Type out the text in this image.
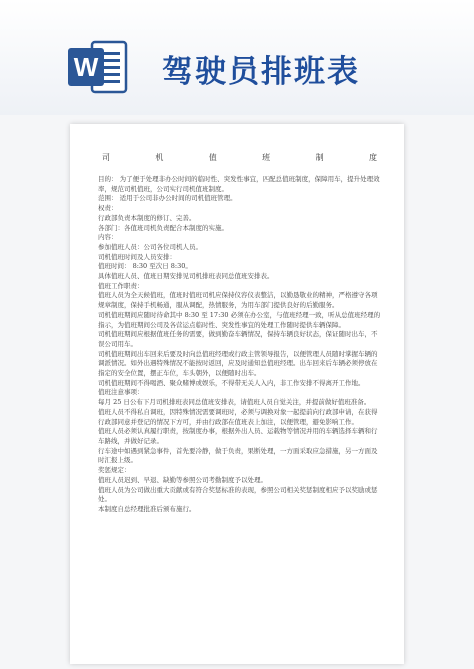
W 驾驶员排班表
司	机	值	班	制	度

目的： 为了便于处理非办公时间的临时性、突发性事宜，匹配总值班制度，保障用车，提升处理效率，规范司机值班，公司实行司机值班制度。

范围： 适用于公司非办公时间的司机值班管理。

权责：

行政部负责本制度的修订、完善。

各部门：各值班司机负责配合本制度的实施。

内容：

参加值班人员：公司各位司机人员。

司机值班时间及人员安排：

值班时间： 8:30 至次日 8:30。

具体值班人员、值班日期安排见司机排班表同总值班安排表。

值班工作职责：

值班人员为全天候值班，值班时值班司机应保持仪容仪表整洁，以勤恳敬业的精神，严格遵守各项规章制度，保持手机畅通，服从调配，热情服务，为用车部门提供良好的后勤服务。

司机值班期间应随时待命其中 8:30 至 17:30 必须在办公室，与值班经理一致，听从总值班经理的指示，为值班期间公司及各营运点临时性、突发性事宜的处理工作随时提供车辆保障。

司机值班期间应根据值班任务的需要，做到勤奋车辆情况，保持车辆良好状态，保证随时出车，不误公司用车。

司机值班期间出车回来后要及时向总值班经理或行政主管领导报告，以便管理人员随时掌握车辆的调派情况。如外出遇特殊情况不能按时返回，应及时通知总值班经理。出车回来后车辆必须停放在指定的安全位置，摆正车位，车头朝外，以便随时出车。

司机值班期间不得喝酒、聚众赌博或娱乐，不得带无关人入内，非工作安排不得离开工作地。

值班注意事项：

每月 25 日公布下月司机排班表同总值班安排表，请值班人员自觉关注，并提前做好值班准备。

值班人员不得私自调班，因特殊情况需要调班时，必须与调换对象一起提前向行政部申请，在获得行政部同意并登记的情况下方可，并由行政部在值班表上加注，以便管理，避免影响工作。

值班人员必须认真履行职责，按制度办事，根据外出人员、运载物等情况并用的车辆选择车辆和行车路线，并做好记录。

行车途中如遇到紧急事件，首先要冷静，做于负责，果断处理，一方面采取应急措施，另一方面及时汇报上级。

奖惩规定：

值班人员迟到、早退、缺勤等参照公司考勤制度予以处理。

值班人员为公司做出重大贡献或有符合奖惩标准的表现，参照公司相关奖惩制度相应予以奖励或惩处。

本制度自总经理批准后颁布施行。
